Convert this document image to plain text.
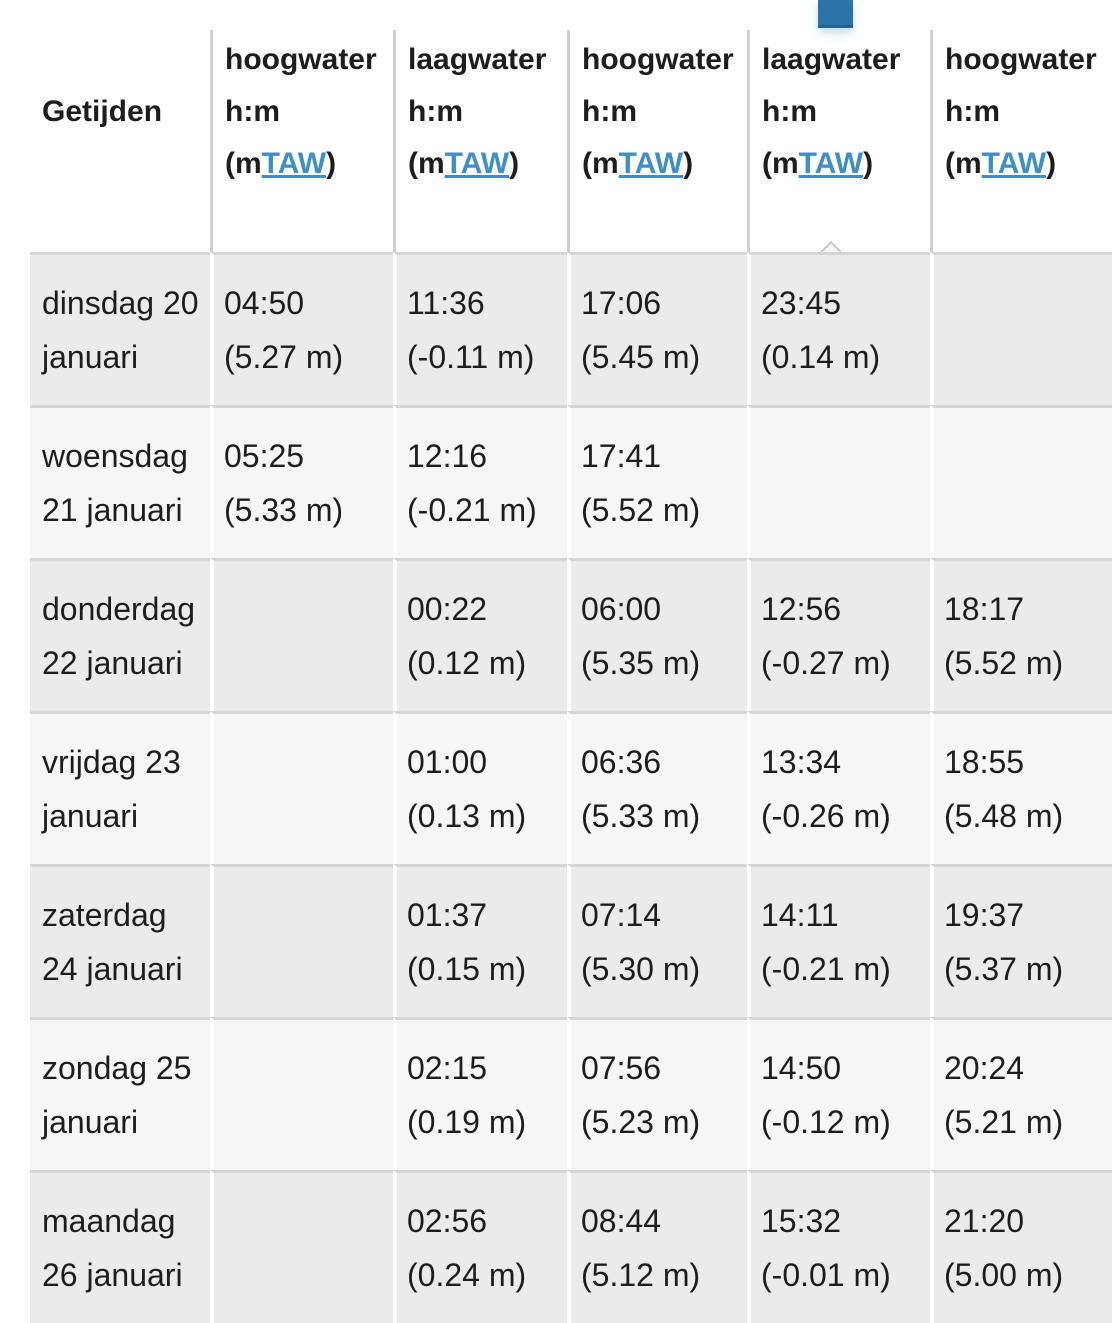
Getijden
hoogwater
h:m
(mTAW)
laagwater
h:m
(mTAW)
hoogwater
h:m
(mTAW)
laagwater
h:m
(mTAW)
hoogwater
h:m
(mTAW)
dinsdag 20
januari
04:50
(5.27 m)
11:36
(-0.11 m)
17:06
(5.45 m)
23:45
(0.14 m)
woensdag
21 januari
05:25
(5.33 m)
12:16
(-0.21 m)
17:41
(5.52 m)
donderdag
22 januari
00:22
(0.12 m)
06:00
(5.35 m)
12:56
(-0.27 m)
18:17
(5.52 m)
vrijdag 23
januari
01:00
(0.13 m)
06:36
(5.33 m)
13:34
(-0.26 m)
18:55
(5.48 m)
zaterdag
24 januari
01:37
(0.15 m)
07:14
(5.30 m)
14:11
(-0.21 m)
19:37
(5.37 m)
zondag 25
januari
02:15
(0.19 m)
07:56
(5.23 m)
14:50
(-0.12 m)
20:24
(5.21 m)
maandag
26 januari
02:56
(0.24 m)
08:44
(5.12 m)
15:32
(-0.01 m)
21:20
(5.00 m)
